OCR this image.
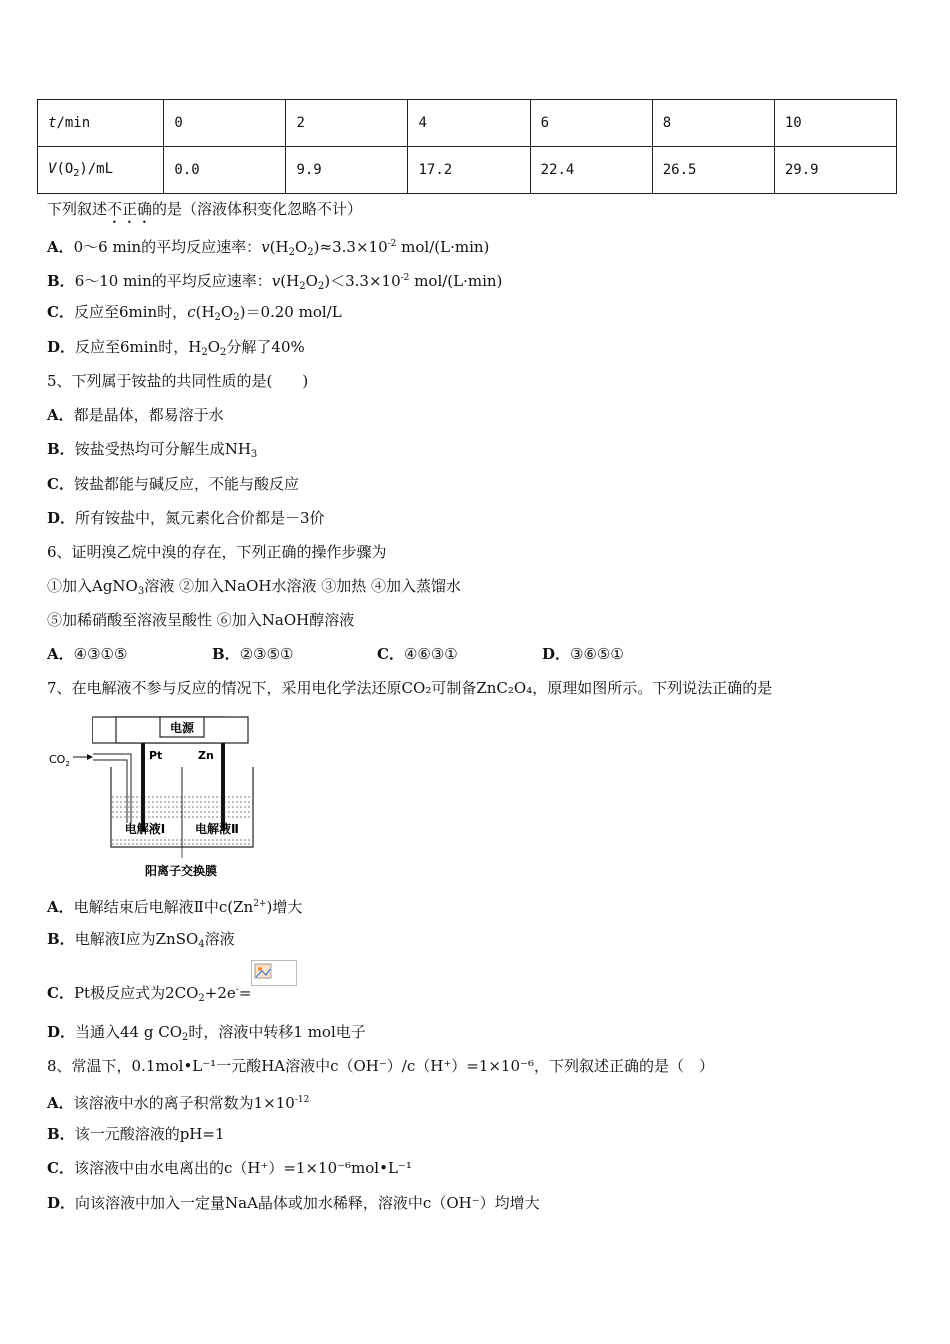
t/min	0	2	4	6	8	10
$V(O_2)/mL$	0.0	9.9	17.2	22.4	26.5	29.9
下列叙述不正确的是（溶液体积变化忽略不计）
A．0～6 min的平均反应速率：$v(H_2O_2)\approx 3.3\times 10^{-2}$ mol/(L·min)
B．6～10 min的平均反应速率：$v(H_2O_2)<3.3\times 10^{-2}$ mol/(L·min)
C．反应至6min时，$c(H_2O_2)=0.20$ mol/L
D．反应至6min时，$H_2O_2$分解了40%
5、下列属于铵盐的共同性质的是(　　)
A．都是晶体，都易溶于水
B．铵盐受热均可分解生成$NH_3$
C．铵盐都能与碱反应，不能与酸反应
D．所有铵盐中，氮元素化合价都是－3价
6、证明溴乙烷中溴的存在，下列正确的操作步骤为
①加入AgNO$_3$溶液 ②加入NaOH水溶液 ③加热 ④加入蒸馏水
⑤加稀硝酸至溶液呈酸性 ⑥加入NaOH醇溶液
A．④③①⑤	B．②③⑤①	C．④⑥③①	D．③⑥⑤①
7、在电解液不参与反应的情况下，采用电化学法还原CO₂可制备ZnC₂O₄，原理如图所示。下列说法正确的是
电源
Pt	Zn
$CO_2$
电解液Ⅰ 电解液Ⅱ
阳离子交换膜
A．电解结束后电解液Ⅱ中$c(Zn^{2+})$增大
B．电解液Ⅰ应为ZnSO$_4$溶液
C．Pt极反应式为$2CO_2+2e^-=$
D．当通入44 g $CO_2$时，溶液中转移1 mol电子
8、常温下，0.1mol•L⁻¹一元酸HA溶液中c（OH⁻）/c（H⁺）=1×10⁻⁶，下列叙述正确的是（　）
A．该溶液中水的离子积常数为$1\times 10^{-12}$
B．该一元酸溶液的pH=1
C．该溶液中由水电离出的c（H⁺）=1×10⁻⁶mol•L⁻¹
D．向该溶液中加入一定量NaA晶体或加水稀释，溶液中c（OH⁻）均增大
